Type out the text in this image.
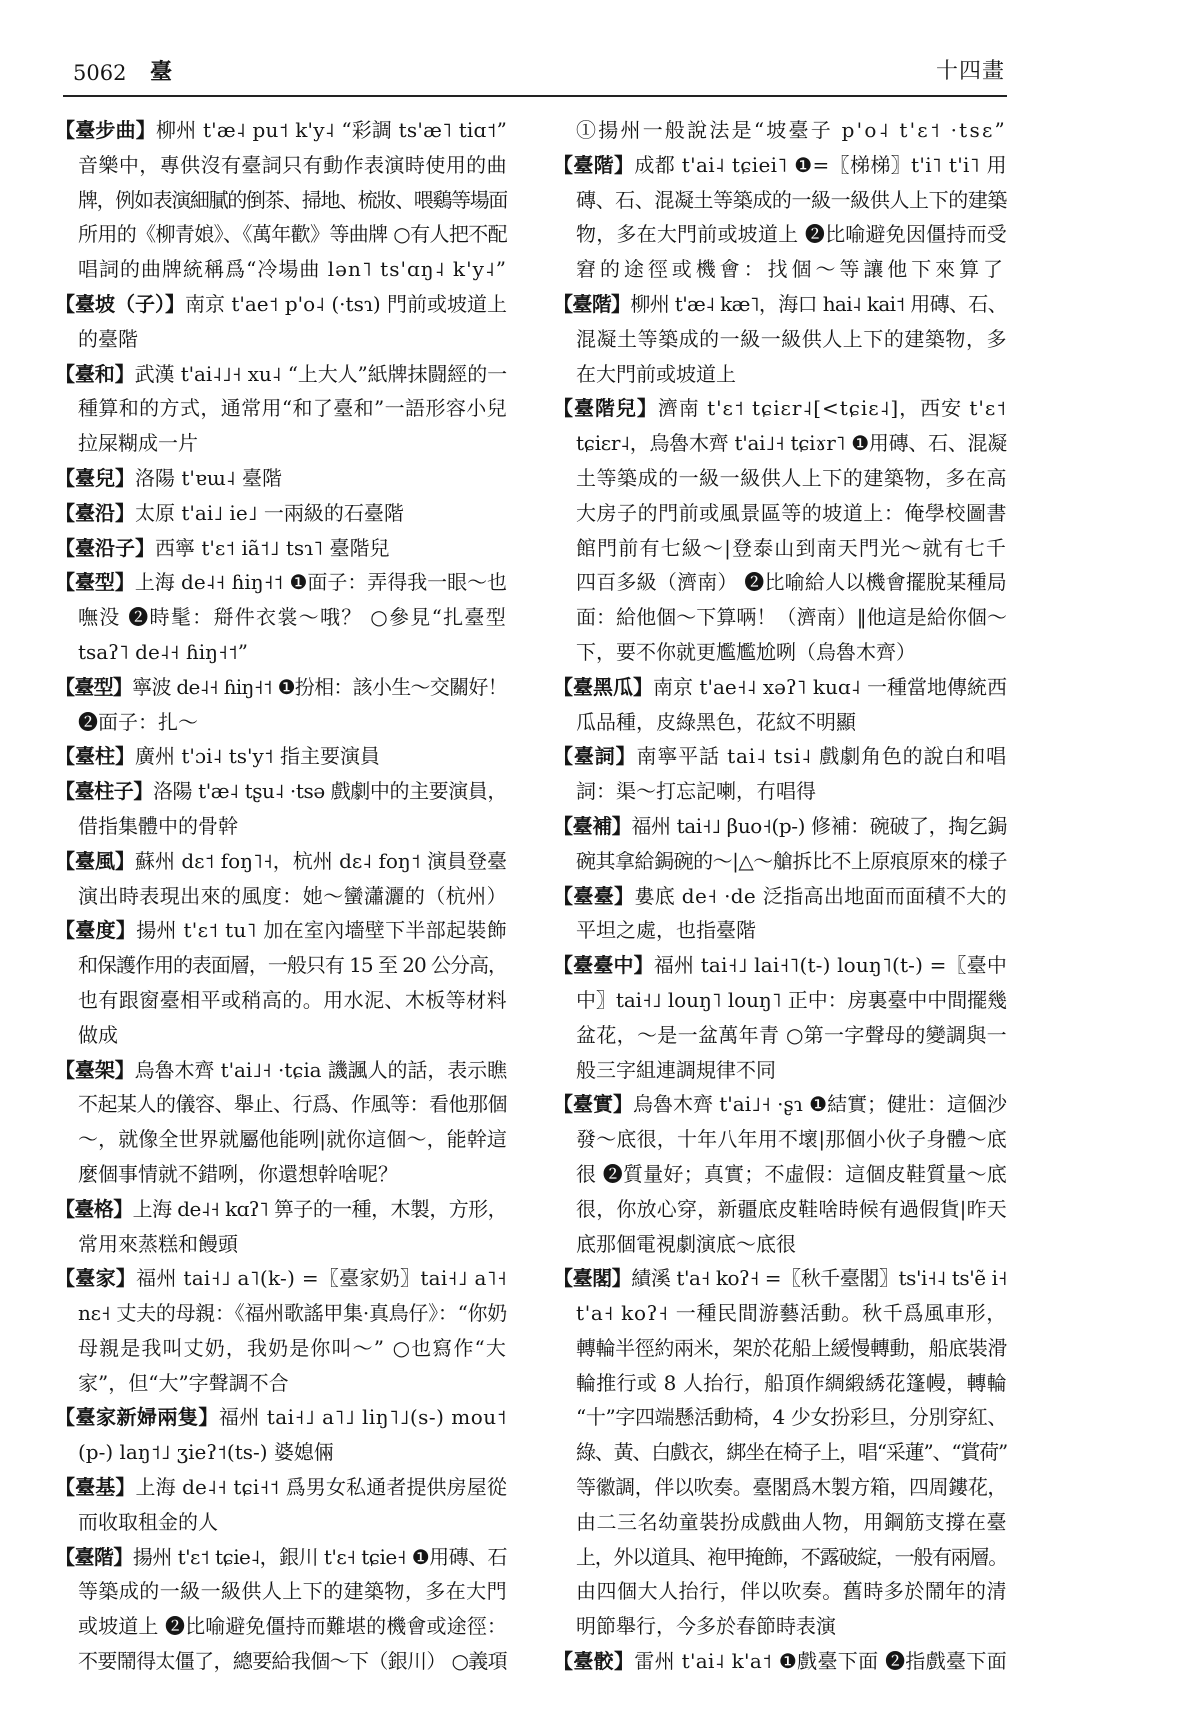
5062 臺	十四畫
【臺步曲】柳州 t'æ˨ pu˦ k'y˨ “彩調 ts'æ˥ tiɑ˦”
音樂中，專供沒有臺詞只有動作表演時使用的曲
牌，例如表演細膩的倒茶、掃地、梳妝、喂鷄等場面
所用的《柳青娘》、《萬年歡》等曲牌 ○有人把不配
唱詞的曲牌統稱爲“冷場曲 lən˥ ts'ɑŋ˨ k'y˨”
【臺坡（子）】南京 t'ae˦ p'o˨ (·tsɿ) 門前或坡道上
的臺階
【臺和】武漢 t'ai˨˩˧ xu˨ “上大人”紙牌抹闘經的一
種算和的方式，通常用“和了臺和”一語形容小兒
拉屎糊成一片
【臺兒】洛陽 t'ɐɯ˨ 臺階
【臺沿】太原 t'ai˩ ie˩ 一兩級的石臺階
【臺沿子】西寧 t'ɛ˦ iã˦˩ tsɿ˥ 臺階兒
【臺型】上海 de˨˧ ɦiŋ˧˦ ❶面子：弄得我一眼～也
嘸没 ❷時髦：搿件衣裳～哦？ ○參見“扎臺型
tsaʔ˥ de˨˧ ɦiŋ˧˦”
【臺型】寧波 de˨˧ ɦiŋ˧˦ ❶扮相：該小生～交關好！
❷面子：扎～
【臺柱】廣州 t'ɔi˨ ts'y˦ 指主要演員
【臺柱子】洛陽 t'æ˨ tʂu˨ ·tsə 戲劇中的主要演員，
借指集體中的骨幹
【臺風】蘇州 dɛ˦ foŋ˥˧，杭州 dɛ˨ foŋ˦ 演員登臺
演出時表現出來的風度：她～蠻瀟灑的（杭州）
【臺度】揚州 t'ɛ˦ tu˥ 加在室內墻壁下半部起裝飾
和保護作用的表面層，一般只有 15 至 20 公分高，
也有跟窗臺相平或稍高的。用水泥、木板等材料
做成
【臺架】烏魯木齊 t'ai˩˧ ·tɕia 譏諷人的話，表示瞧
不起某人的儀容、舉止、行爲、作風等：看他那個
～，就像全世界就屬他能咧|就你這個～，能幹這
麼個事情就不錯咧，你還想幹啥呢？
【臺格】上海 de˨˧ kɑʔ˥ 箅子的一種，木製，方形，
常用來蒸糕和饅頭
【臺家】福州 tai˧˩ a˥(k-) =〖臺家奶〗tai˧˩ a˥˧
nɛ˧ 丈夫的母親：《福州歌謠甲集·真鳥仔》：“你奶
母親是我叫丈奶，我奶是你叫～” ○也寫作“大
家”，但“大”字聲調不合
【臺家新婦兩隻】福州 tai˧˩ a˥˩ liŋ˥˩(s-) mou˦
(p-) laŋ˦˩ ʒieʔ˦(ts-) 婆媳倆
【臺基】上海 de˨˧ tɕi˧˦ 爲男女私通者提供房屋從
而收取租金的人
【臺階】揚州 t'ɛ˦ tɕie˨，銀川 t'ɛ˧ tɕie˧ ❶用磚、石
等築成的一級一級供人上下的建築物，多在大門
或坡道上 ❷比喻避免僵持而難堪的機會或途徑：
不要鬧得太僵了，總要給我個～下（銀川） ○義項
①揚州一般說法是“坡臺子 p'o˨ t'ɛ˦ ·tsɛ”
【臺階】成都 t'ai˨ tɕiei˥ ❶=〖梯梯〗t'i˥ t'i˥ 用
磚、石、混凝土等築成的一級一級供人上下的建築
物，多在大門前或坡道上 ❷比喻避免因僵持而受
窘的途徑或機會：找個～等讓他下來算了
【臺階】柳州 t'æ˨ kæ˥，海口 hai˨ kai˦ 用磚、石、
混凝土等築成的一級一級供人上下的建築物，多
在大門前或坡道上
【臺階兒】濟南 t'ɛ˦ tɕiɛr˨[<tɕiɛ˨]，西安 t'ɛ˦
tɕiɛr˨，烏魯木齊 t'ai˩˧ tɕiɤr˥ ❶用磚、石、混凝
土等築成的一級一級供人上下的建築物，多在高
大房子的門前或風景區等的坡道上：俺學校圖書
館門前有七級～|登泰山到南天門光～就有七千
四百多級（濟南） ❷比喻給人以機會擺脫某種局
面：給他個～下算唡！（濟南）‖他這是給你個～
下，要不你就更尷尷尬咧（烏魯木齊）
【臺黑瓜】南京 t'ae˧˨ xəʔ˥ kuɑ˨ 一種當地傳統西
瓜品種，皮綠黑色，花紋不明顯
【臺詞】南寧平話 tai˨ tsi˨ 戲劇角色的說白和唱
詞：渠～打忘記喇，冇唱得
【臺補】福州 tai˧˩ βuo˧(p-) 修補：碗破了，掏乞鋦
碗其拿給鋦碗的～|△～艙拆比不上原痕原來的樣子
【臺臺】婁底 de˧ ·de 泛指高出地面而面積不大的
平坦之處，也指臺階
【臺臺中】福州 tai˧˩ lai˧˥(t-) louŋ˥(t-) =〖臺中
中〗tai˧˩ louŋ˥ louŋ˥ 正中：房裏臺中中間擺幾
盆花，～是一盆萬年青 ○第一字聲母的變調與一
般三字組連調規律不同
【臺實】烏魯木齊 t'ai˩˧ ·ʂɿ ❶結實；健壯：這個沙
發～底很，十年八年用不壞|那個小伙子身體～底
很 ❷質量好；真實；不虛假：這個皮鞋質量～底
很，你放心穿，新疆底皮鞋啥時候有過假貨|昨天
底那個電視劇演底～底很
【臺閣】績溪 t'a˧ koʔ˧ =〖秋千臺閣〗ts'i˧˨ ts'ẽ i˧
t'a˧ koʔ˧ 一種民間游藝活動。秋千爲風車形，
轉輪半徑約兩米，架於花船上緩慢轉動，船底裝滑
輪推行或 8 人抬行，船頂作綢緞綉花篷幔，轉輪
“十”字四端懸活動椅，4 少女扮彩旦，分別穿紅、
綠、黃、白戲衣，綁坐在椅子上，唱“采蓮”、“賞荷”
等徽調，伴以吹奏。臺閣爲木製方箱，四周鏤花，
由二三名幼童裝扮成戲曲人物，用鋼筋支撐在臺
上，外以道具、袍甲掩飾，不露破綻，一般有兩層。
由四個大人抬行，伴以吹奏。舊時多於鬧年的清
明節舉行，今多於春節時表演
【臺骹】雷州 t'ai˨ k'a˦ ❶戲臺下面 ❷指戲臺下面
